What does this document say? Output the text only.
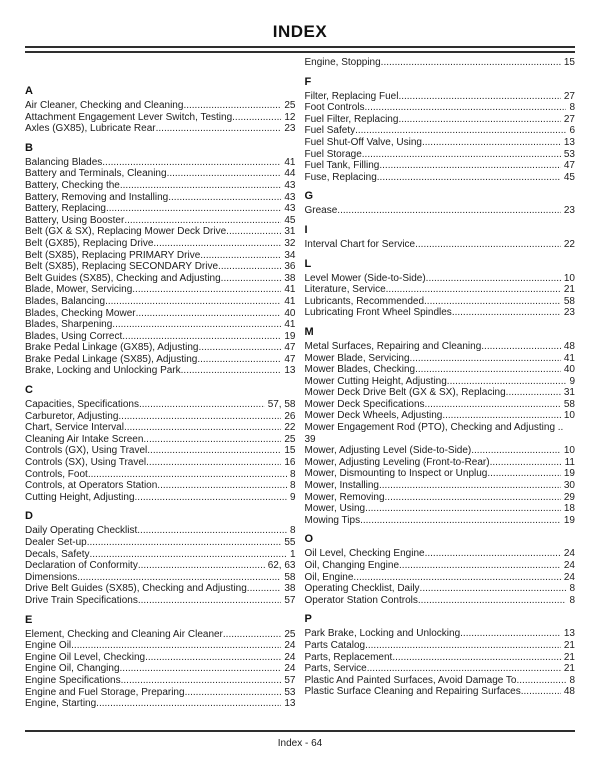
INDEX
A
Air Cleaner, Checking and Cleaning .....	25
Attachment Engagement Lever Switch, Testing .....	12
Axles (GX85), Lubricate Rear .....	23
B
Balancing Blades .....	41
Battery and Terminals, Cleaning .....	44
Battery, Checking the .....	43
Battery, Removing and Installing .....	43
Battery, Replacing .....	43
Battery, Using Booster .....	45
Belt (GX & SX), Replacing Mower Deck Drive .....	31
Belt (GX85), Replacing Drive .....	32
Belt (SX85), Replacing PRIMARY Drive .....	34
Belt (SX85), Replacing SECONDARY Drive .....	36
Belt Guides (SX85), Checking and Adjusting .....	38
Blade, Mower, Servicing .....	41
Blades, Balancing .....	41
Blades, Checking Mower .....	40
Blades, Sharpening .....	41
Blades, Using Correct .....	19
Brake Pedal Linkage (GX85), Adjusting .....	47
Brake Pedal Linkage (SX85), Adjusting .....	47
Brake, Locking and Unlocking Park .....	13
C
Capacities, Specifications .....	57, 58
Carburetor, Adjusting .....	26
Chart, Service Interval .....	22
Cleaning Air Intake Screen .....	25
Controls (GX), Using Travel .....	15
Controls (SX), Using Travel .....	16
Controls, Foot .....	8
Controls, at Operators Station .....	8
Cutting Height, Adjusting .....	9
D
Daily Operating Checklist .....	8
Dealer Set-up .....	55
Decals, Safety .....	1
Declaration of Conformity .....	62, 63
Dimensions .....	58
Drive Belt Guides (SX85), Checking and Adjusting .....	38
Drive Train Specifications .....	57
E
Element, Checking and Cleaning Air Cleaner .....	25
Engine Oil .....	24
Engine Oil Level, Checking .....	24
Engine Oil, Changing .....	24
Engine Specifications .....	57
Engine and Fuel Storage, Preparing .....	53
Engine, Starting .....	13
Engine, Stopping .....	15
F
Filter, Replacing Fuel .....	27
Foot Controls .....	8
Fuel Filter, Replacing .....	27
Fuel Safety .....	6
Fuel Shut-Off Valve, Using .....	13
Fuel Storage .....	53
Fuel Tank, Filling .....	47
Fuse, Replacing .....	45
G
Grease .....	23
I
Interval Chart for Service .....	22
L
Level Mower (Side-to-Side) .....	10
Literature, Service .....	21
Lubricants, Recommended .....	58
Lubricating Front Wheel Spindles .....	23
M
Metal Surfaces, Repairing and Cleaning .....	48
Mower Blade, Servicing .....	41
Mower Blades, Checking .....	40
Mower Cutting Height, Adjusting .....	9
Mower Deck Drive Belt (GX & SX), Replacing .....	31
Mower Deck Specifications .....	58
Mower Deck Wheels, Adjusting .....	10
Mower Engagement Rod (PTO), Checking and Adjusting ..
39
Mower, Adjusting Level (Side-to-Side) .....	10
Mower, Adjusting Leveling (Front-to-Rear) .....	11
Mower, Dismounting to Inspect or Unplug .....	19
Mower, Installing .....	30
Mower, Removing .....	29
Mower, Using .....	18
Mowing Tips .....	19
O
Oil Level, Checking Engine .....	24
Oil, Changing Engine .....	24
Oil, Engine .....	24
Operating Checklist, Daily .....	8
Operator Station Controls .....	8
P
Park Brake, Locking and Unlocking .....	13
Parts Catalog .....	21
Parts, Replacement .....	21
Parts, Service .....	21
Plastic And Painted Surfaces, Avoid Damage To .....	8
Plastic Surface Cleaning and Repairing Surfaces .....	48
Index - 64
